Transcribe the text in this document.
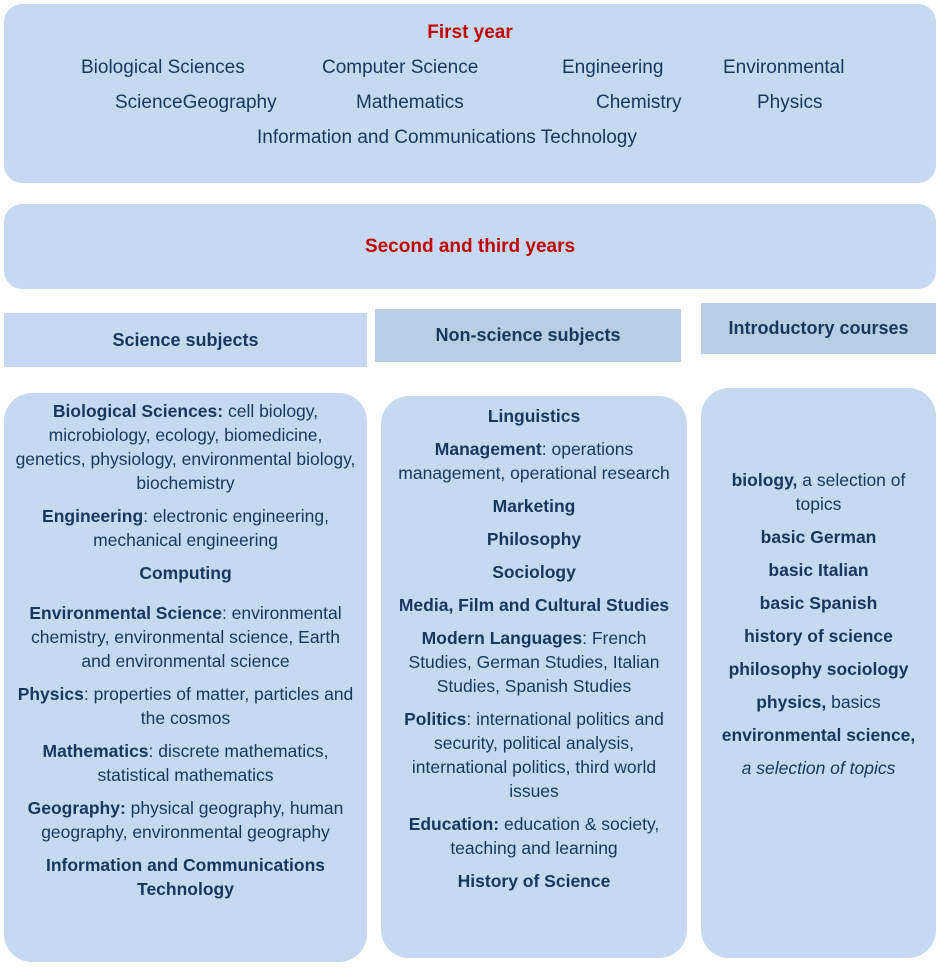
First year
Biological Sciences	Computer Science	Engineering	Environmental
ScienceGeography	Mathematics	Chemistry	Physics
Information and Communications Technology
Second and third years
Science subjects	Non-science subjects	Introductory courses

Biological Sciences: cell biology, microbiology, ecology, biomedicine, genetics, physiology, environmental biology, biochemistry

Engineering: electronic engineering, mechanical engineering

Computing

Environmental Science: environmental chemistry, environmental science, Earth and environmental science

Physics: properties of matter, particles and the cosmos

Mathematics: discrete mathematics, statistical mathematics

Geography: physical geography, human geography, environmental geography

Information and Communications Technology

Linguistics

Management: operations management, operational research

Marketing

Philosophy

Sociology

Media, Film and Cultural Studies

Modern Languages: French Studies, German Studies, Italian Studies, Spanish Studies

Politics: international politics and security, political analysis, international politics, third world issues

Education: education & society, teaching and learning

History of Science

biology, a selection of topics

basic German

basic Italian

basic Spanish

history of science

philosophy sociology

physics, basics

environmental science,

a selection of topics
